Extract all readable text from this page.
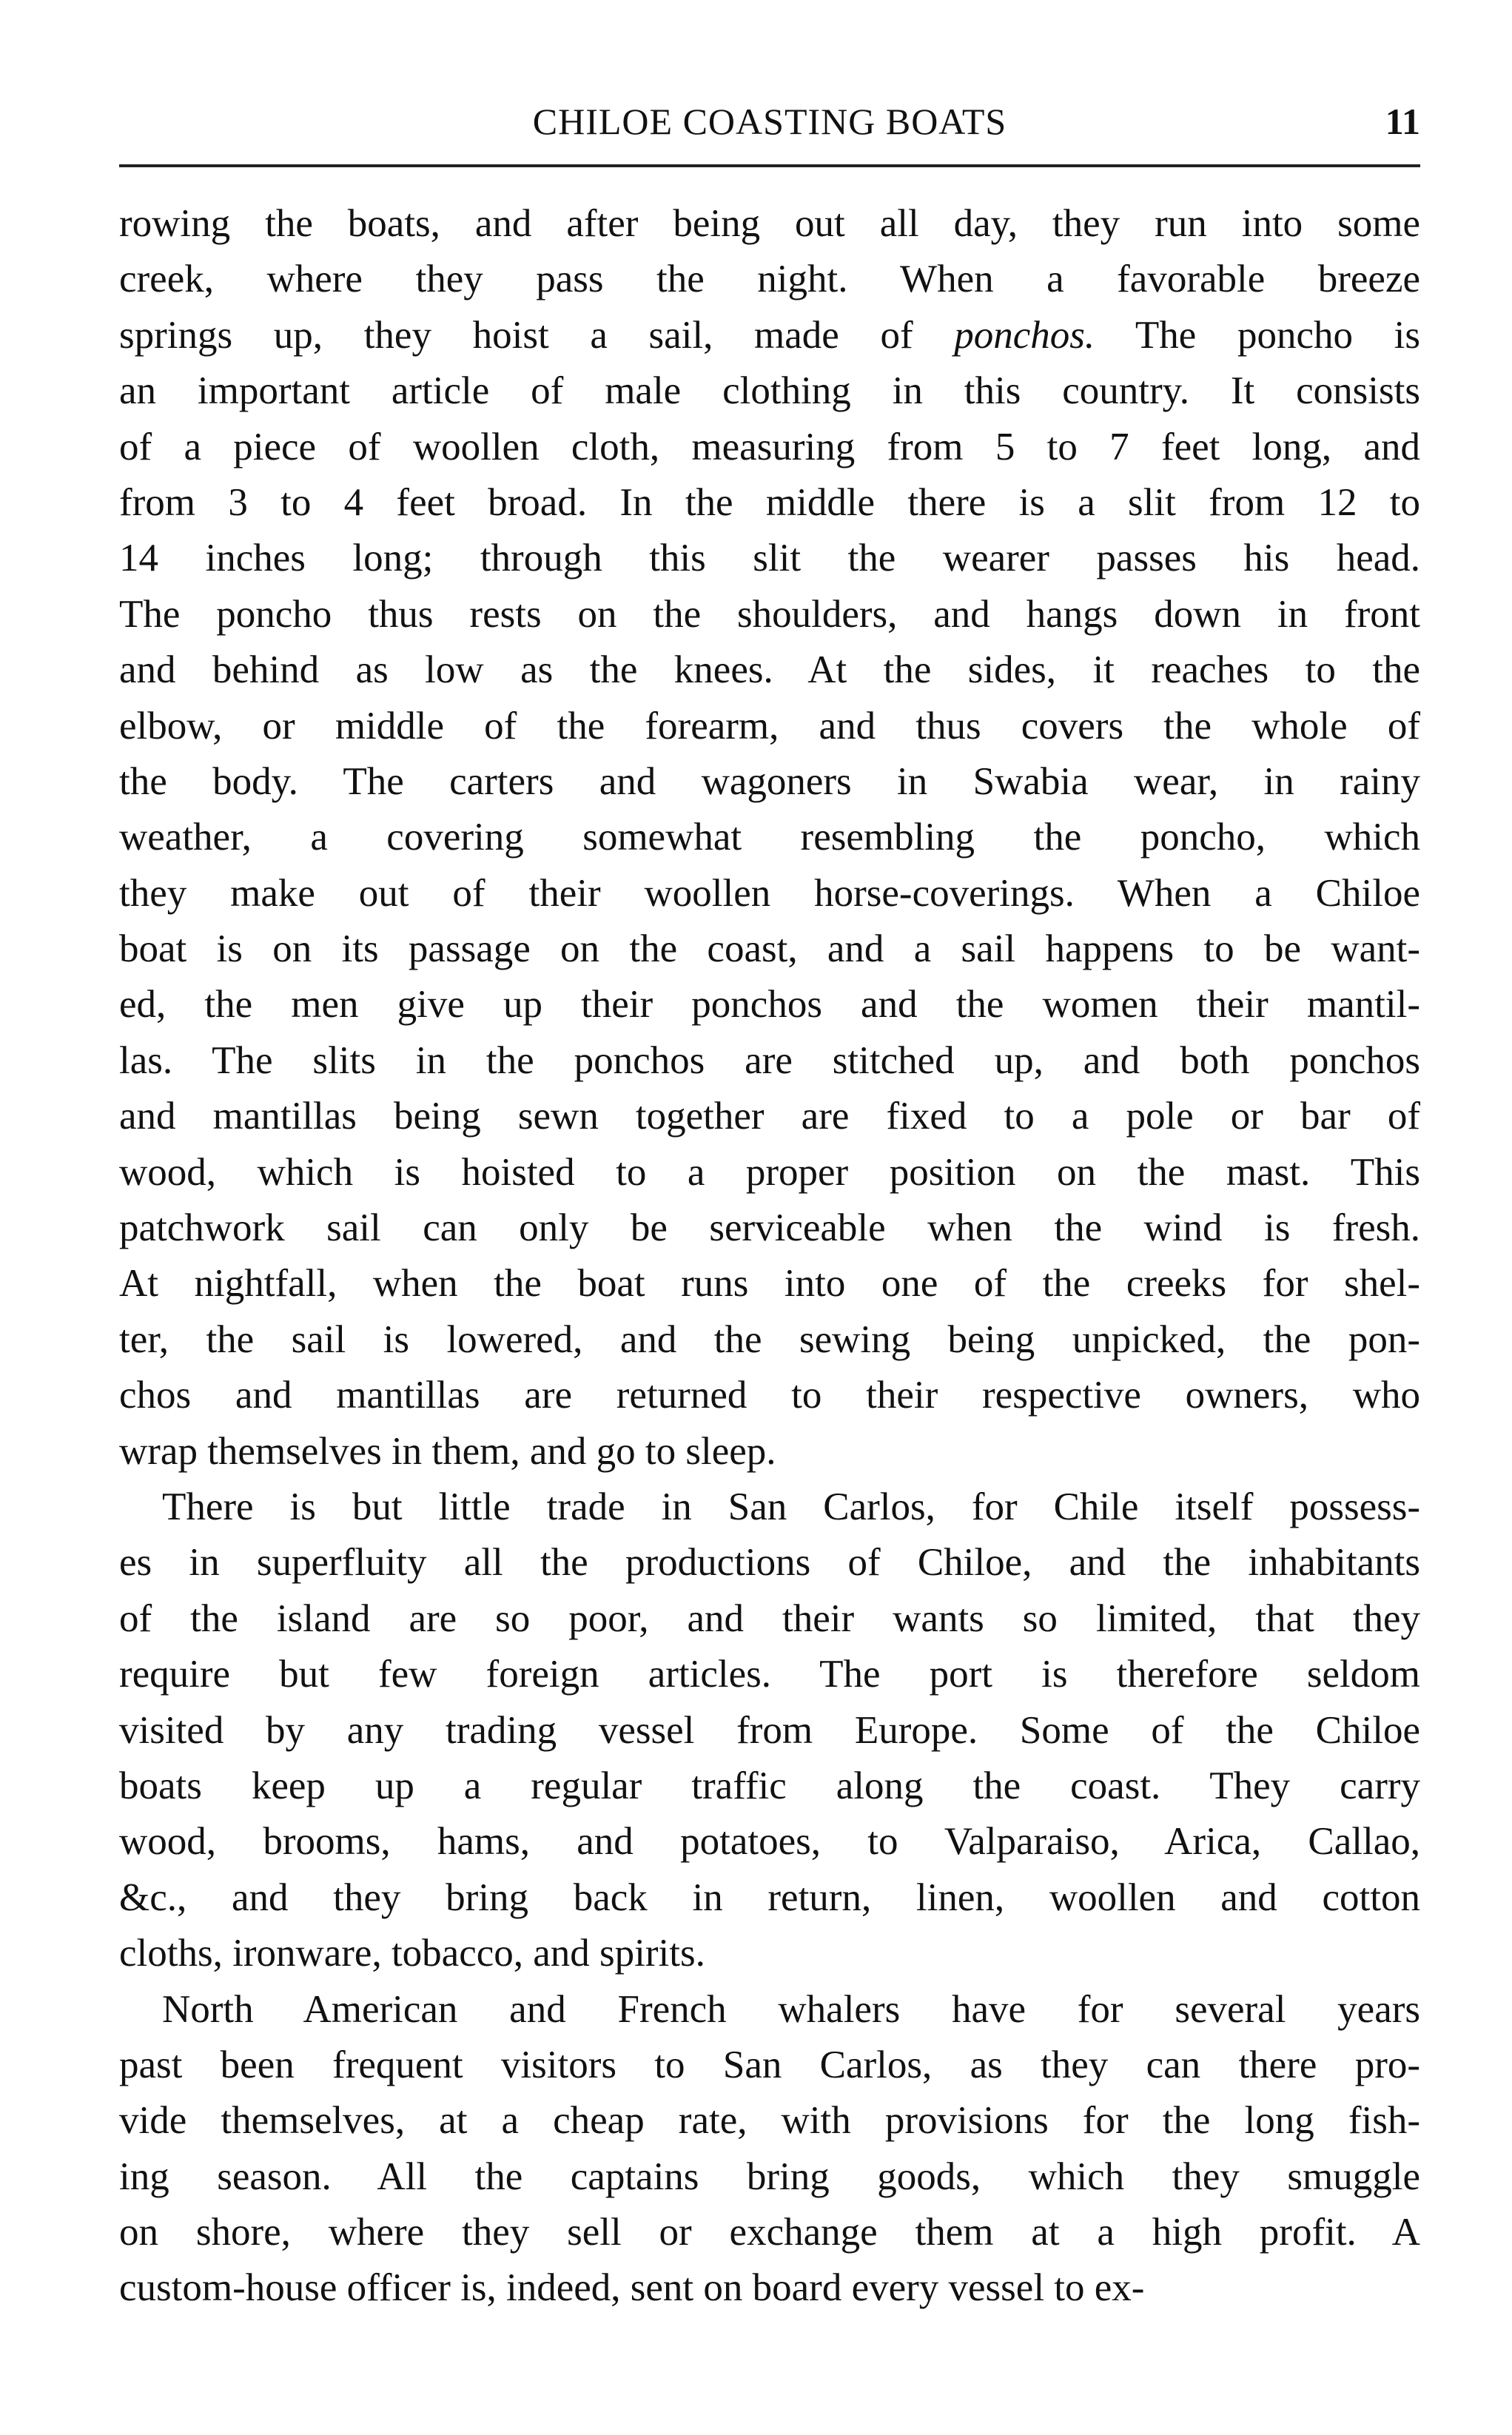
CHILOE COASTING BOATS	11
rowing the boats, and after being out all day, they run into some
creek, where they pass the night. When a favorable breeze
springs up, they hoist a sail, made of ponchos. The poncho is
an important article of male clothing in this country. It consists
of a piece of woollen cloth, measuring from 5 to 7 feet long, and
from 3 to 4 feet broad. In the middle there is a slit from 12 to
14 inches long; through this slit the wearer passes his head.
The poncho thus rests on the shoulders, and hangs down in front
and behind as low as the knees. At the sides, it reaches to the
elbow, or middle of the forearm, and thus covers the whole of
the body. The carters and wagoners in Swabia wear, in rainy
weather, a covering somewhat resembling the poncho, which
they make out of their woollen horse-coverings. When a Chiloe
boat is on its passage on the coast, and a sail happens to be want-
ed, the men give up their ponchos and the women their mantil-
las. The slits in the ponchos are stitched up, and both ponchos
and mantillas being sewn together are fixed to a pole or bar of
wood, which is hoisted to a proper position on the mast. This
patchwork sail can only be serviceable when the wind is fresh.
At nightfall, when the boat runs into one of the creeks for shel-
ter, the sail is lowered, and the sewing being unpicked, the pon-
chos and mantillas are returned to their respective owners, who
wrap themselves in them, and go to sleep.
There is but little trade in San Carlos, for Chile itself possess-
es in superfluity all the productions of Chiloe, and the inhabitants
of the island are so poor, and their wants so limited, that they
require but few foreign articles. The port is therefore seldom
visited by any trading vessel from Europe. Some of the Chiloe
boats keep up a regular traffic along the coast. They carry
wood, brooms, hams, and potatoes, to Valparaiso, Arica, Callao,
&c., and they bring back in return, linen, woollen and cotton
cloths, ironware, tobacco, and spirits.
North American and French whalers have for several years
past been frequent visitors to San Carlos, as they can there pro-
vide themselves, at a cheap rate, with provisions for the long fish-
ing season. All the captains bring goods, which they smuggle
on shore, where they sell or exchange them at a high profit. A
custom-house officer is, indeed, sent on board every vessel to ex-
